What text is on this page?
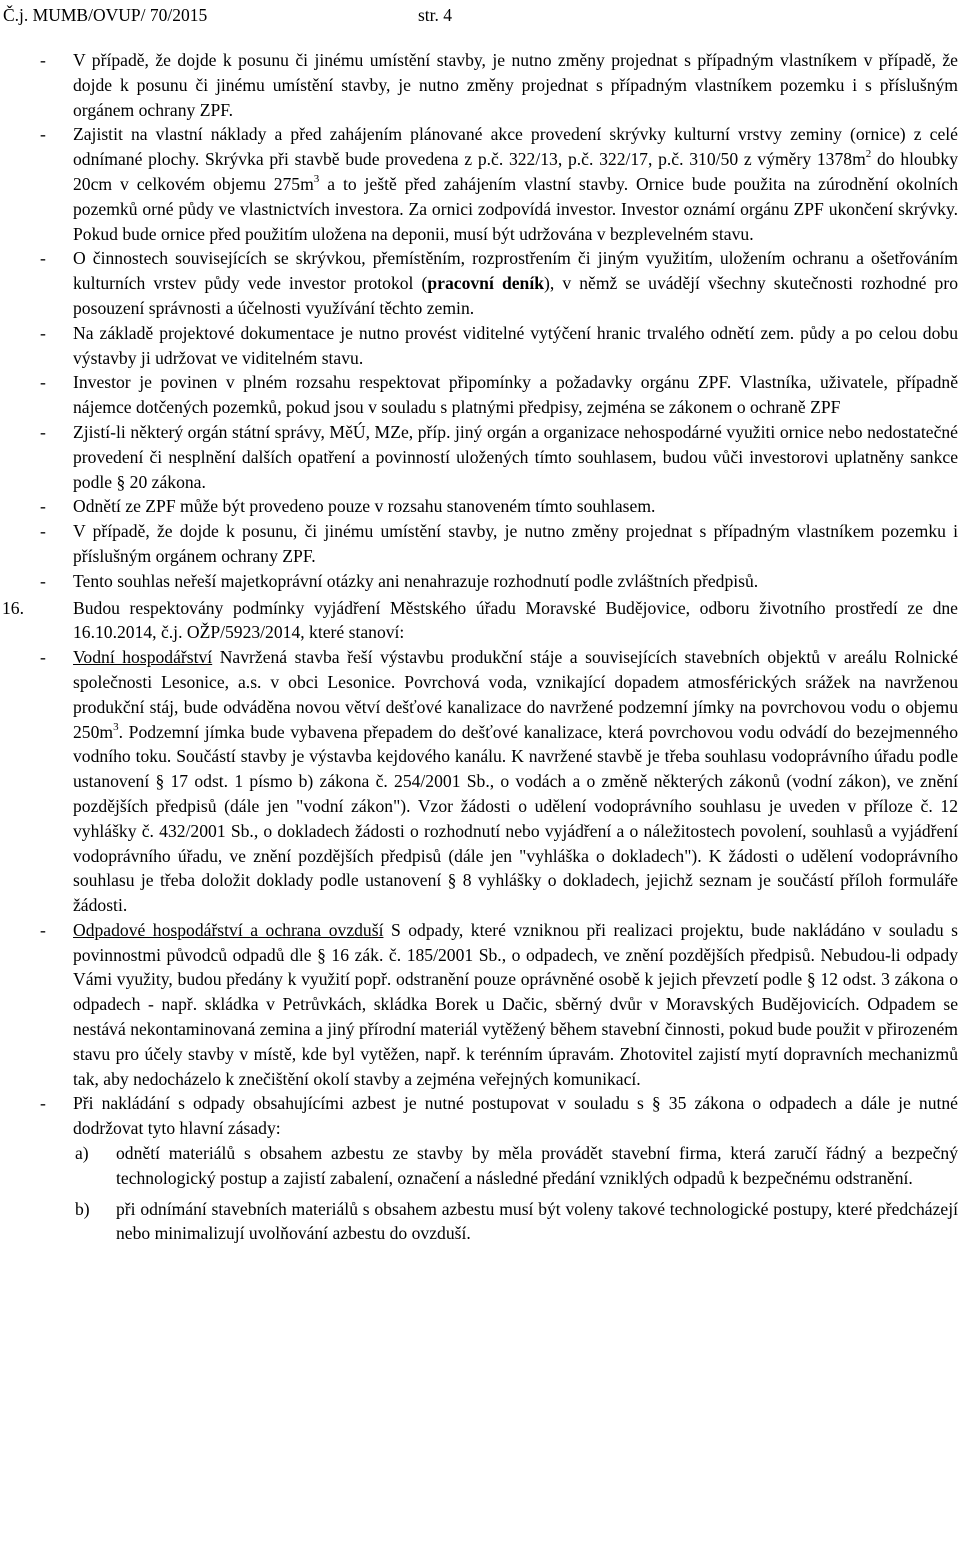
Č.j. MUMB/OVUP/ 70/2015	str. 4
-	V případě, že dojde k posunu či jinému umístění stavby, je nutno změny projednat s případným vlastníkem v případě, že dojde k posunu či jinému umístění stavby, je nutno změny projednat s případným vlastníkem pozemku i s příslušným orgánem ochrany ZPF.

-	Zajistit na vlastní náklady a před zahájením plánované akce provedení skrývky kulturní vrstvy zeminy (ornice) z celé odnímané plochy. Skrývka při stavbě bude provedena z p.č. 322/13, p.č. 322/17, p.č. 310/50 z výměry $1378m^2$ do hloubky 20cm v celkovém objemu $275m^3$ a to ještě před zahájením vlastní stavby. Ornice bude použita na zúrodnění okolních pozemků orné půdy ve vlastnictvích investora. Za ornici zodpovídá investor. Investor oznámí orgánu ZPF ukončení skrývky. Pokud bude ornice před použitím uložena na deponii, musí být udržována v bezplevelném stavu.

-	O činnostech souvisejících se skrývkou, přemístěním, rozprostřením či jiným využitím, uložením ochranu a ošetřováním kulturních vrstev půdy vede investor protokol (pracovní deník), v němž se uvádějí všechny skutečnosti rozhodné pro posouzení správnosti a účelnosti využívání těchto zemin.

-	Na základě projektové dokumentace je nutno provést viditelné vytýčení hranic trvalého odnětí zem. půdy a po celou dobu výstavby ji udržovat ve viditelném stavu.

-	Investor je povinen v plném rozsahu respektovat připomínky a požadavky orgánu ZPF. Vlastníka, uživatele, případně nájemce dotčených pozemků, pokud jsou v souladu s platnými předpisy, zejména se zákonem o ochraně ZPF

-	Zjistí-li některý orgán státní správy, MěÚ, MZe, příp. jiný orgán a organizace nehospodárné využiti ornice nebo nedostatečné provedení či nesplnění dalších opatření a povinností uložených tímto souhlasem, budou vůči investorovi uplatněny sankce podle § 20 zákona.

-	Odnětí ze ZPF může být provedeno pouze v rozsahu stanoveném tímto souhlasem.

-	V případě, že dojde k posunu, či jinému umístění stavby, je nutno změny projednat s případným vlastníkem pozemku i příslušným orgánem ochrany ZPF.

-	Tento souhlas neřeší majetkoprávní otázky ani nenahrazuje rozhodnutí podle zvláštních předpisů.

16.	Budou respektovány podmínky vyjádření Městského úřadu Moravské Budějovice, odboru životního prostředí ze dne 16.10.2014, č.j. OŽP/5923/2014, které stanoví:

-	Vodní hospodářství Navržená stavba řeší výstavbu produkční stáje a souvisejících stavebních objektů v areálu Rolnické společnosti Lesonice, a.s. v obci Lesonice. Povrchová voda, vznikající dopadem atmosférických srážek na navrženou produkční stáj, bude odváděna novou větví dešťové kanalizace do navržené podzemní jímky na povrchovou vodu o objemu $250m^3$. Podzemní jímka bude vybavena přepadem do dešťové kanalizace, která povrchovou vodu odvádí do bezejmenného vodního toku. Součástí stavby je výstavba kejdového kanálu. K navržené stavbě je třeba souhlasu vodoprávního úřadu podle ustanovení § 17 odst. 1 písmo b) zákona č. 254/2001 Sb., o vodách a o změně některých zákonů (vodní zákon), ve znění pozdějších předpisů (dále jen "vodní zákon"). Vzor žádosti o udělení vodoprávního souhlasu je uveden v příloze č. 12 vyhlášky č. 432/2001 Sb., o dokladech žádosti o rozhodnutí nebo vyjádření a o náležitostech povolení, souhlasů a vyjádření vodoprávního úřadu, ve znění pozdějších předpisů (dále jen "vyhláška o dokladech"). K žádosti o udělení vodoprávního souhlasu je třeba doložit doklady podle ustanovení § 8 vyhlášky o dokladech, jejichž seznam je součástí příloh formuláře žádosti.

-	Odpadové hospodářství a ochrana ovzduší S odpady, které vzniknou při realizaci projektu, bude nakládáno v souladu s povinnostmi původců odpadů dle § 16 zák. č. 185/2001 Sb., o odpadech, ve znění pozdějších předpisů. Nebudou-li odpady Vámi využity, budou předány k využití popř. odstranění pouze oprávněné osobě k jejich převzetí podle § 12 odst. 3 zákona o odpadech - např. skládka v Petrůvkách, skládka Borek u Dačic, sběrný dvůr v Moravských Budějovicích. Odpadem se nestává nekontaminovaná zemina a jiný přírodní materiál vytěžený během stavební činnosti, pokud bude použit v přirozeném stavu pro účely stavby v místě, kde byl vytěžen, např. k terénním úpravám. Zhotovitel zajistí mytí dopravních mechanizmů tak, aby nedocházelo k znečištění okolí stavby a zejména veřejných komunikací.

-	Při nakládání s odpady obsahujícími azbest je nutné postupovat v souladu s § 35 zákona o odpadech a dále je nutné dodržovat tyto hlavní zásady:

a)	odnětí materiálů s obsahem azbestu ze stavby by měla provádět stavební firma, která zaručí řádný a bezpečný technologický postup a zajistí zabalení, označení a následné předání vzniklých odpadů k bezpečnému odstranění.

b)	při odnímání stavebních materiálů s obsahem azbestu musí být voleny takové technologické postupy, které předcházejí nebo minimalizují uvolňování azbestu do ovzduší.
